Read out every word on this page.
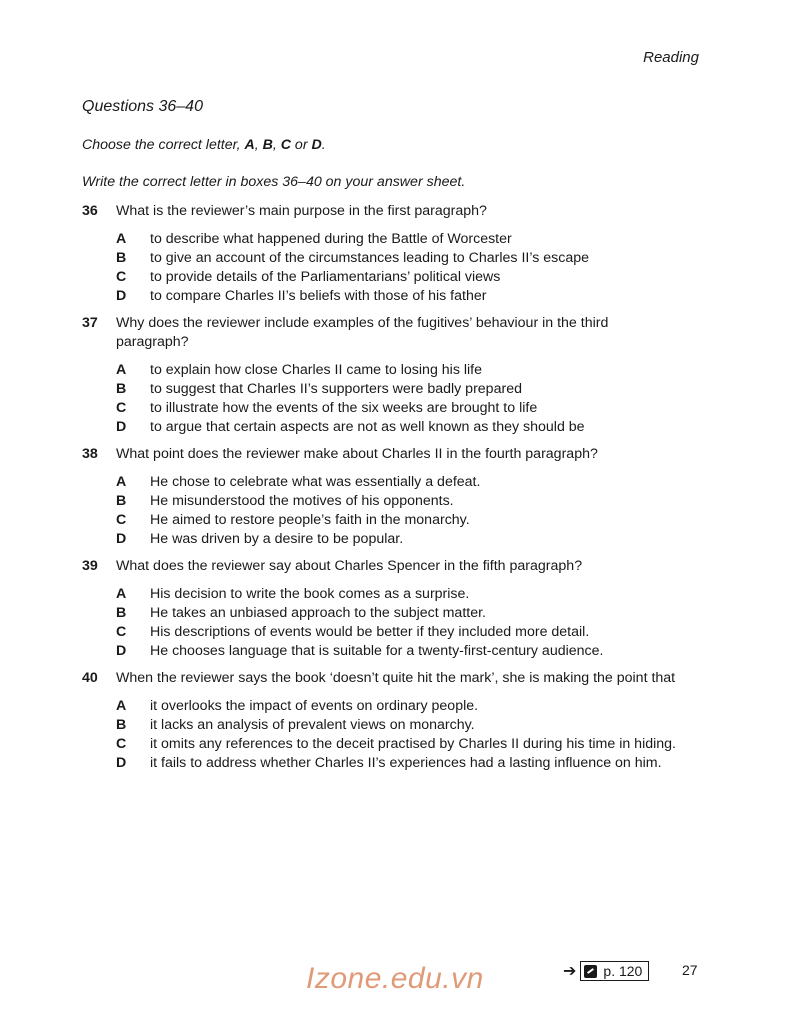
Reading
Questions 36–40
Choose the correct letter, A, B, C or D.
Write the correct letter in boxes 36–40 on your answer sheet.
36	What is the reviewer’s main purpose in the first paragraph?
A	to describe what happened during the Battle of Worcester
B	to give an account of the circumstances leading to Charles II’s escape
C	to provide details of the Parliamentarians’ political views
D	to compare Charles II’s beliefs with those of his father
37	Why does the reviewer include examples of the fugitives’ behaviour in the third paragraph?
A	to explain how close Charles II came to losing his life
B	to suggest that Charles II’s supporters were badly prepared
C	to illustrate how the events of the six weeks are brought to life
D	to argue that certain aspects are not as well known as they should be
38	What point does the reviewer make about Charles II in the fourth paragraph?
A	He chose to celebrate what was essentially a defeat.
B	He misunderstood the motives of his opponents.
C	He aimed to restore people’s faith in the monarchy.
D	He was driven by a desire to be popular.
39	What does the reviewer say about Charles Spencer in the fifth paragraph?
A	His decision to write the book comes as a surprise.
B	He takes an unbiased approach to the subject matter.
C	His descriptions of events would be better if they included more detail.
D	He chooses language that is suitable for a twenty-first-century audience.
40	When the reviewer says the book ‘doesn’t quite hit the mark’, she is making the point that
A	it overlooks the impact of events on ordinary people.
B	it lacks an analysis of prevalent views on monarchy.
C	it omits any references to the deceit practised by Charles II during his time in hiding.
D	it fails to address whether Charles II’s experiences had a lasting influence on him.
Izone.edu.vn	➔ p. 120	27
